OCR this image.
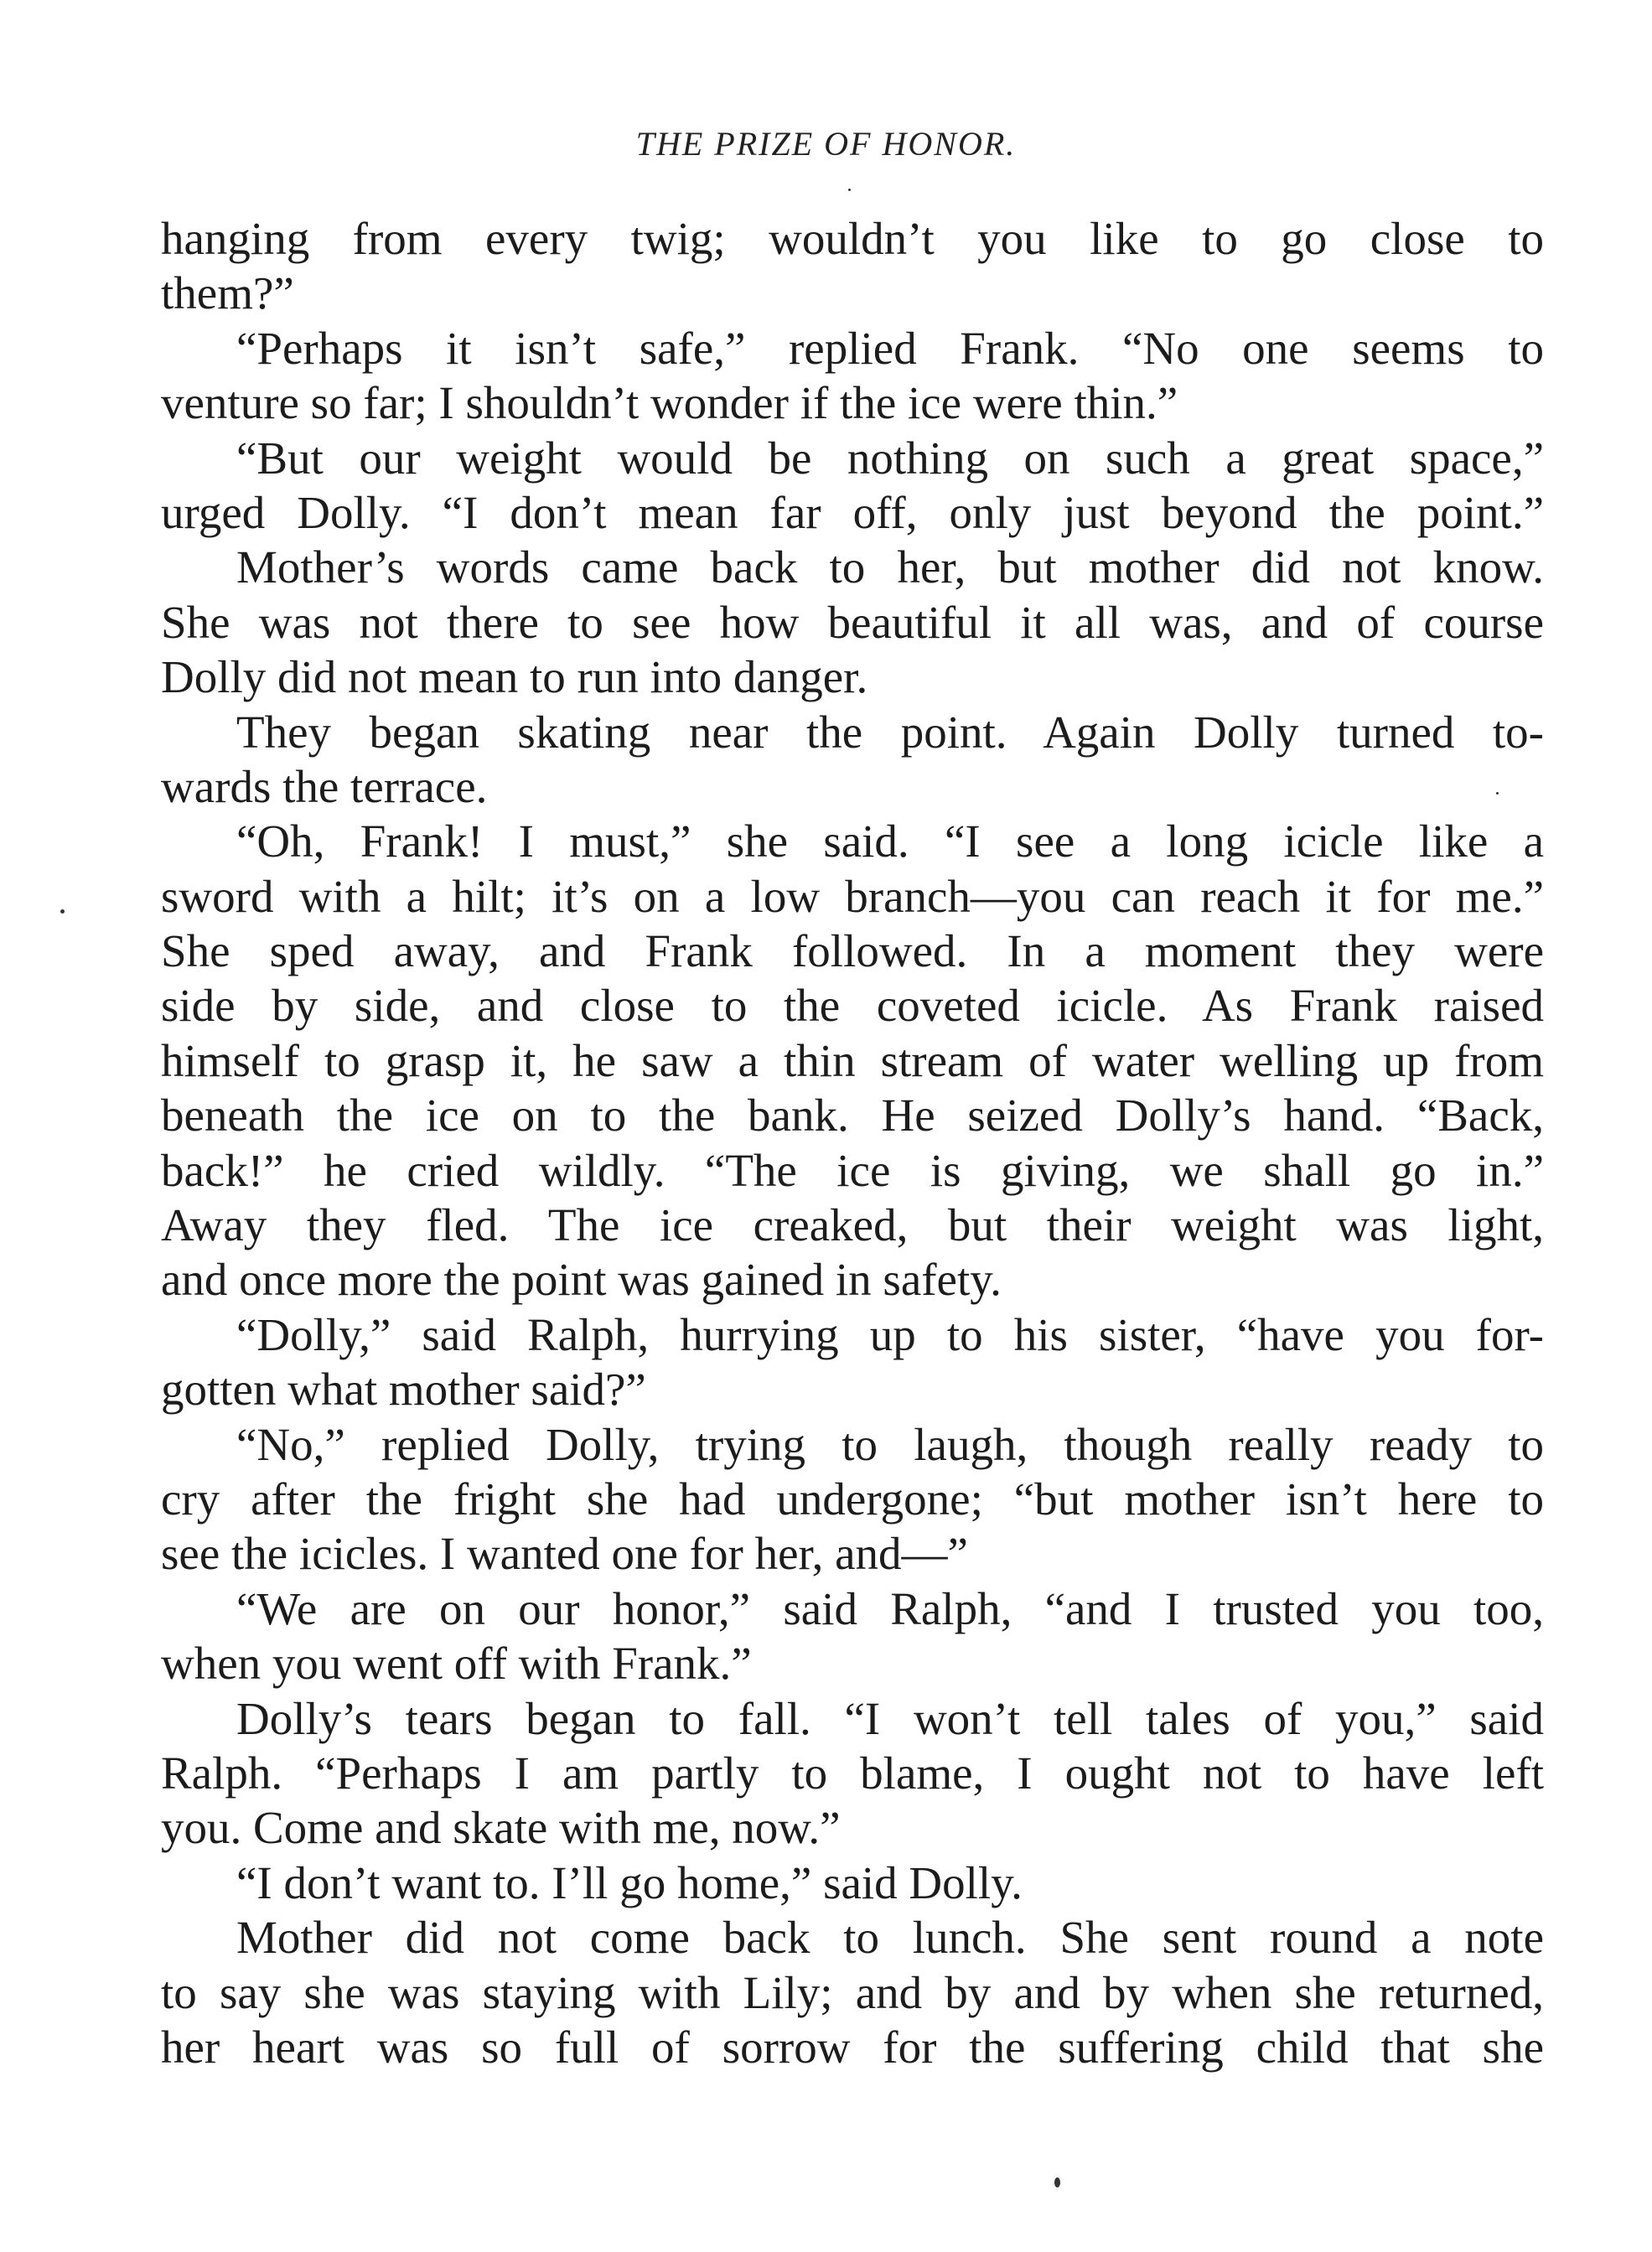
THE PRIZE OF HONOR.
hanging from every twig; wouldn’t you like to go close to
them?”
“Perhaps it isn’t safe,” replied Frank. “No one seems to
venture so far; I shouldn’t wonder if the ice were thin.”
“But our weight would be nothing on such a great space,”
urged Dolly. “I don’t mean far off, only just beyond the point.”
Mother’s words came back to her, but mother did not know.
She was not there to see how beautiful it all was, and of course
Dolly did not mean to run into danger.
They began skating near the point. Again Dolly turned to-
wards the terrace.
“Oh, Frank! I must,” she said. “I see a long icicle like a
sword with a hilt; it’s on a low branch—you can reach it for me.”
She sped away, and Frank followed. In a moment they were
side by side, and close to the coveted icicle. As Frank raised
himself to grasp it, he saw a thin stream of water welling up from
beneath the ice on to the bank. He seized Dolly’s hand. “Back,
back!” he cried wildly. “The ice is giving, we shall go in.”
Away they fled. The ice creaked, but their weight was light,
and once more the point was gained in safety.
“Dolly,” said Ralph, hurrying up to his sister, “have you for-
gotten what mother said?”
“No,” replied Dolly, trying to laugh, though really ready to
cry after the fright she had undergone; “but mother isn’t here to
see the icicles. I wanted one for her, and—”
“We are on our honor,” said Ralph, “and I trusted you too,
when you went off with Frank.”
Dolly’s tears began to fall. “I won’t tell tales of you,” said
Ralph. “Perhaps I am partly to blame, I ought not to have left
you. Come and skate with me, now.”
“I don’t want to. I’ll go home,” said Dolly.
Mother did not come back to lunch. She sent round a note
to say she was staying with Lily; and by and by when she returned,
her heart was so full of sorrow for the suffering child that she
